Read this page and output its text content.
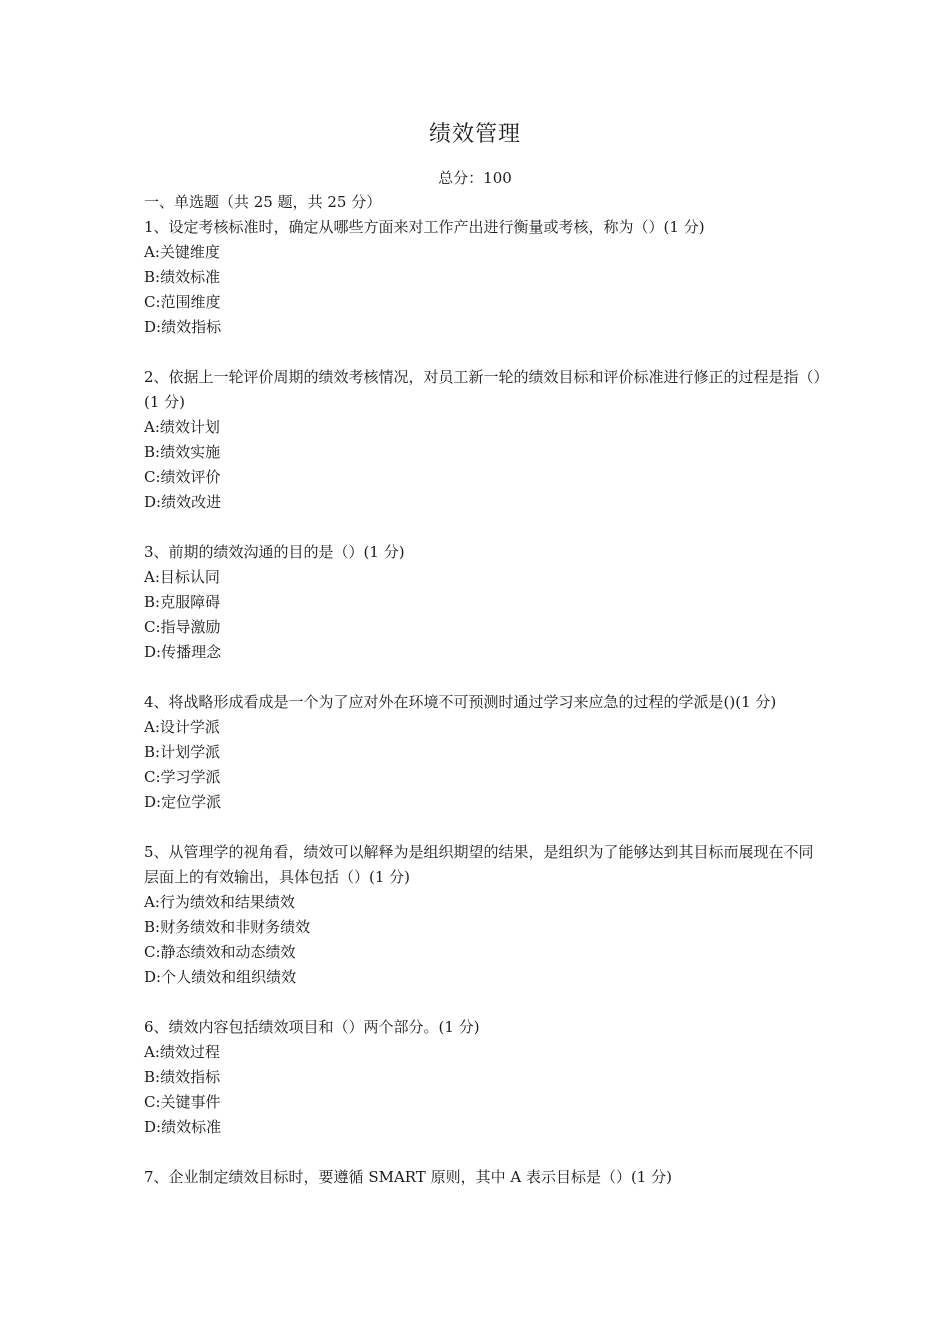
绩效管理
总分：100

一、单选题（共 25 题，共 25 分）

1、设定考核标准时，确定从哪些方面来对工作产出进行衡量或考核，称为（）(1 分)

A:关键维度

B:绩效标准

C:范围维度

D:绩效指标

2、依据上一轮评价周期的绩效考核情况，对员工新一轮的绩效目标和评价标准进行修正的过程是指（）(1 分)

A:绩效计划

B:绩效实施

C:绩效评价

D:绩效改进

3、前期的绩效沟通的目的是（）(1 分)

A:目标认同

B:克服障碍

C:指导激励

D:传播理念

4、将战略形成看成是一个为了应对外在环境不可预测时通过学习来应急的过程的学派是()(1 分)

A:设计学派

B:计划学派

C:学习学派

D:定位学派

5、从管理学的视角看，绩效可以解释为是组织期望的结果，是组织为了能够达到其目标而展现在不同层面上的有效输出，具体包括（）(1 分)

A:行为绩效和结果绩效

B:财务绩效和非财务绩效

C:静态绩效和动态绩效

D:个人绩效和组织绩效

6、绩效内容包括绩效项目和（）两个部分。(1 分)

A:绩效过程

B:绩效指标

C:关键事件

D:绩效标准

7、企业制定绩效目标时，要遵循 SMART 原则，其中 A 表示目标是（）(1 分)
